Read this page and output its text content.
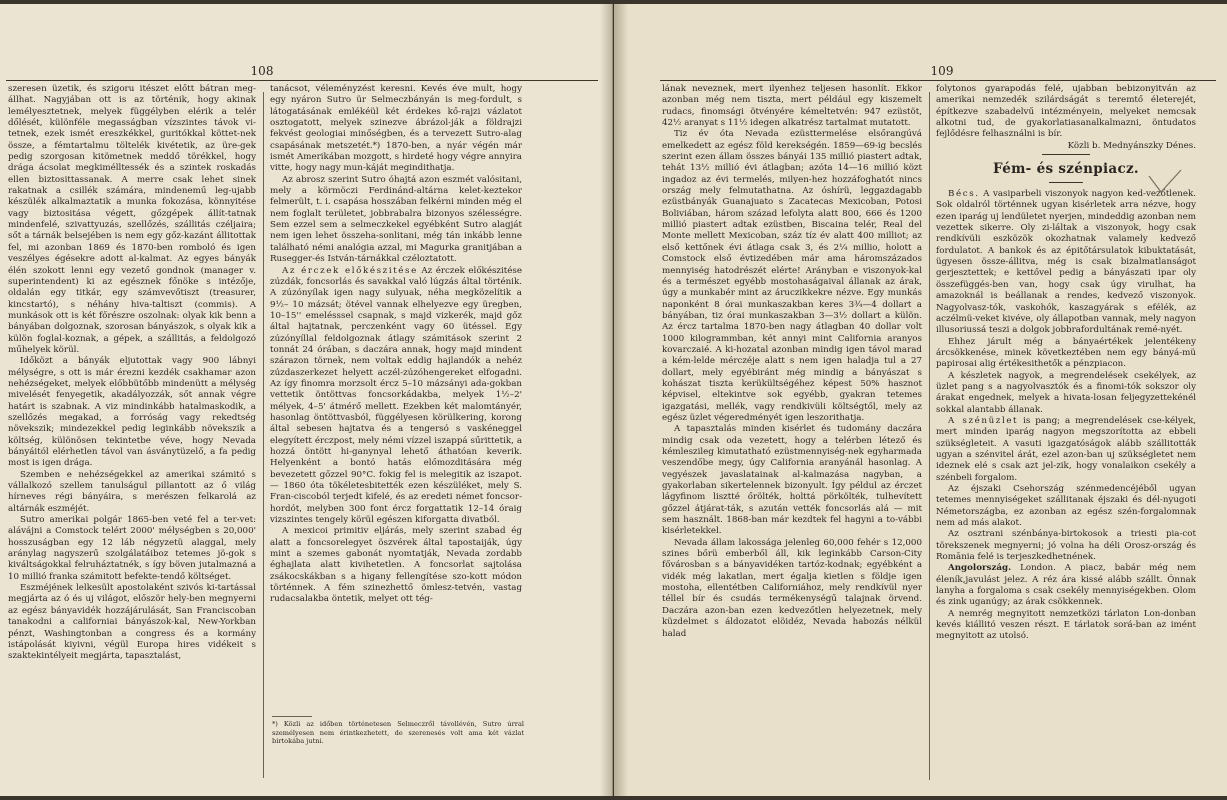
108

szeresen üzetik, és szigoru itészet előtt bátran meg-állhat. Nagyjában ott is az történik, hogy akinak lemélyesztetnek, melyek függélyben elérik a telér dőlését, különféle megasságban vízszintes távok vi-tetnek, ezek ismét ereszkékkel, guritókkal köttet-nek össze, a fémtartalmu töltelék kivétetik, az üre-gek pedig szorgosan kitömetnek meddő törékkel, hogy drága ácsolat megkimélltessék és a szintek roskadás ellen biztosittassanak. A merre csak lehet sinek rakatnak a csillék számára, mindenemű leg-ujabb készülék alkalmaztatik a munka fokozása, könnyitése vagy biztositása végett, gőzgépek állít-tatnak mindenfelé, szivattyuzás, szellőzés, szállitás czéljaira; sőt a tárnák belsejében is nem egy gőz-kazánt állitottak fel, mi azonban 1869 és 1870-ben romboló és igen veszélyes égésekre adott al-kalmat. Az egyes bányák élén szokott lenni egy vezető gondnok (manager v. superintendent) ki az egésznek főnöke s intézője, oldalán egy titkár, egy számvevőtiszt (treasurer, kincstartó), s néhány hiva-taltiszt (commis). A munkások ott is két főrészre oszolnak: olyak kik benn a bányában dolgoznak, szorosan bányászok, s olyak kik a külön foglal-koznak, a gépek, a szállitás, a feldolgozó műhelyek körül.

Időközt a bányák eljutottak vagy 900 lábnyi mélységre, s ott is már érezni kezdék csakhamar azon nehézségeket, melyek előbbütőbb mindenütt a mélység mivelését fenyegetik, akadályozzák, sőt annak végre határt is szabnak. A viz mindinkább hatalmaskodik, a szellőzés megakad, a forróság vagy rekedtség növekszik; mindezekkel pedig leginkább növekszik a költség, különösen tekintetbe véve, hogy Nevada bányáitól elérhetlen távol van ásványtüzelő, a fa pedig most is igen drága.

Szemben e nehézségekkel az amerikai számitó s vállalkozó szellem tanulságul pillantott az ő világ hírneves régi bányáira, s merészen felkarolá az altárnák eszméjét.

Sutro amerikai polgár 1865-ben veté fel a ter-vet: alávájni a Comstock telért 2000' mélységben s 20,000' hosszuságban egy 12 láb négyzetü alaggal, mely aránylag nagyszerű szolgálatáiboz tetemes jö-gok s kiváltságokkal felruháztatnék, s így böven jutalmazná a 10 millió franka számitott befekte-tendő költséget.

Eszméjének lelkesült apostolaként szivós ki-tartással megjárta az ó és uj világot, először hely-ben megnyerni az egész bányavidék hozzájárulását, San Franciscoban tanakodni a californiai bányászok-kal, New-Yorkban pénzt, Washingtonban a congress és a kormány istápolását kiyivni, végül Europa hires vidékeit s szaktekintélyeit megjárta, tapasztalást,

tanácsot, véleményzést keresni. Kevés éve mult, hogy egy nyáron Sutro ür Selmeczbányán is meg-fordult, s látogatásának emlékéül két érdekes kő-rajzi vázlatot osztogatott, melyek szinezve ábrázol-ják a földrajzi fekvést geologiai minőségben, és a tervezett Sutro-alag csapásának metszetét.*) 1870-ben, a nyár végén már ismét Amerikában mozgott, s hirdeté hogy végre annyira vitte, hogy nagy mun-káját megindithatja.

Az abrosz szerint Sutro óhajtá azon eszmét valósitani, mely a körmöczi Ferdinánd-altárna kelet-keztekor felmerült, t. i. csapása hosszában felkérni minden még el nem foglalt területet, jobbrabalra bizonyos szélességre. Sem ezzel sem a selmeczkekel egyébként Sutro alagját nem igen lehet összeha-sonlitani, még tán inkább lenne található némi analógia azzal, mi Magurka granitjában a Rusegger-és István-tárnákkal czéloztatott.

Az érczek előkészitése Az érczek előkészitése zúzdák, foncsorlás és savakkal való lúgzás által történik. A zúzónyílak igen nagy sulyuak, néha megközelítik a 9½– 10 mázsát; ötével vannak elhelyezve egy üregben, 10–15'' emelésssel csapnak, s majd vizkerék, majd gőz által hajtatnak, perczenként vagy 60 ütéssel. Egy zúzónyíllal feldolgoznak átlagy számitások szerint 2 tonnát 24 órában, s daczára annak, hogy majd mindent szárazon törnek, nem voltak eddig hajlandók a nehéz zúzdaszerkezet helyett aczél-zúzóhengereket elfogadni. Az így finomra morzsolt ércz 5–10 mázsányi ada-gokban vettetik öntöttvas foncsorkádakba, melyek 1½–2' mélyek, 4–5' átmérő mellett. Ezekben két malomtányér, hasonlag öntöttvasból, függélyesen körülkering, korong által sebesen hajtatva és a tengersó s vaskéneggel elegyített érczpost, mely némi vízzel iszappá sűrittetik, a hozzá öntött hi-ganynyal lehető áthatóan keverik. Helyenként a bontó hatás előmozditására még bevezetett gőzzel 90°C. fokig fel is melegitik az iszapot. — 1860 óta tökéletesbitették ezen készüléket, mely S. Fran-ciscoból terjedt kifelé, és az eredeti német foncsor-hordót, melyben 300 font ércz forgattatik 12–14 óraig vizszintes tengely körül egészen kiforgatta divatból.

A mexicoi primitiv eljárás, mely szerint szabad ég alatt a foncsorelegyet öszvérek által tapostaiják, úgy mint a szemes gabonát nyomtatják, Nevada zordabb éghajlata alatt kivihetetlen. A foncsorlat sajtolása zsákocskákban s a higany fellengítése szo-kott módon történnek. A fém szinezhettő ömlesz-tetvén, vastag rudacsalakba öntetik, melyet ott tég-

*) Közli az időben történetesen Selmeczről távollévén, Sutro úrral személyesen nem érintkezhetett, de szerenesés volt ama két vázlat birtokába jutni.
109

lának neveznek, mert ilyenhez teljesen hasonlít. Ekkor azonban még nem tiszta, mert például egy kiszemelt rudacs, finomsági ötvényére kémeltetvén: 947 ezüstöt, 42½ aranyat s 11½ idegen alkatrész tartalmat mutatott.

Tiz év óta Nevada ezüsttermelése elsőrangúvá emelkedett az egész föld kerekségén. 1859—69-ig becslés szerint ezen állam összes bányái 135 millió piastert adtak, tehát 13½ millió évi átlagban; azóta 14—16 millió közt ingadoz az évi termelés, milyen-hez hozzáfoghatót nincs ország mely felmutathatna. Az óshírü, leggazdagabb ezüstbányák Guanajuato s Zacatecas Mexicoban, Potosi Boliviában, három század lefolyta alatt 800, 666 és 1200 millió piastert adtak ezüstben, Biscaina telér, Real del Monte mellett Mexicoban, száz tíz év alatt 400 milliot; az első kettőnek évi átlaga csak 3, és 2¼ millio, holott a Comstock első évtizedében már ama háromszázados mennyiség hatodrészét elérte! Arányban e viszonyok-kal és a természet egyébb mostohaságaival állanak az árak, úgy a munkabér mint az áruczikkekre nézve. Egy munkás naponként 8 órai munkaszakban keres 3¾—4 dollart a bányában, tiz órai munkaszakban 3—3½ dollart a külön. Az ércz tartalma 1870-ben nagy átlagban 40 dollar volt 1000 kilogrammban, két annyi mint California aranyos kovarczaié. A ki-hozatal azonban mindig igen távol marad a kém-lelde mérczéje alatt s nem igen haladja tul a 27 dollart, mely egyébiránt még mindig a bányászat s kohászat tiszta kerükültségéhez képest 50% hasznot képvisel, eltekintve sok egyébb, gyakran tetemes igazgatási, mellék, vagy rendkivüli költségtől, mely az egész üzlet végeredményét igen leszorithatja.

A tapasztalás minden kisérlet és tudomány daczára mindig csak oda vezetett, hogy a telérben létező és kémleszileg kimutatható ezüstmennyiség-nek egyharmada veszendőbe megy, úgy California aranyánál hasonlag. A vegyészek javaslatainak al-kalmazása nagyban, a gyakorlaban sikertelennek bizonyult. Így példul az érczet lágyfinom lisztté őrölték, holttá pörkölték, tulhevített gőzzel átjárat-ták, s azután vették foncsorlás alá — mit sem használt. 1868-ban már kezdtek fel hagyni a to-vábbi kisérletekkel.

Nevada állam lakossága jelenleg 60,000 fehér s 12,000 szines bőrü emberből áll, kik leginkább Carson-City fővárosban s a bányavidéken tartóz-kodnak; egyébként a vidék még lakatlan, mert égalja kietlen s földje igen mostoha, ellentétben Californiához, mely rendkívül nyer téllel bír és csudás termékenységű talajnak örvend. Daczára azon-ban ezen kedvezőtlen helyezetnek, mely küzdelmet s áldozatot elöidéz, Nevada habozás nélkül halad

folytonos gyarapodás felé, ujabban bebizonyitván az amerikai nemzedék szilárdságát s teremtő életerejét, építkezve szabadelvű intézményein, melyeket nemcsak alkotni tud, de gyakorlatiasanalkalmazni, öntudatos fejlődésre felhasználni is bír.

Közli b. Mednyánszky Dénes.

Fém- és szénpiacz.

Bécs. A vasiparbeli viszonyok nagyon ked-vezőtlenek. Sok oldalról történnek ugyan kisérletek arra nézve, hogy ezen iparág uj lendületet nyerjen, mindeddig azonban nem vezettek sikerre. Oly zi-láltak a viszonyok, hogy csak rendkívüli eszközök okozhatnak valamely kedvező fordulatot. A bankok és az épitőtársulatok kibuktatását, ügyesen össze-állitva, még is csak bizalmatlanságot gerjesztettek; e kettővel pedig a bányászati ipar oly összefüggés-ben van, hogy csak úgy virulhat, ha amazoknál is beállanak a rendes, kedvező viszonyok. Nagyolvasz-tók, vaskohók, kaszagyárak s efélék, az aczélmü-veket kivéve, oly állapotban vannak, mely nagyon illusoriussá teszi a dolgok jobbrafordultának remé-nyét.

Ehhez járult még a bányaértékek jelentékeny árcsökkenése, minek következtében nem egy bányá-mü papirosai alig értékesithetők a pénzpiacon.

A készletek nagyok, a megrendelések csekélyek, az üzlet pang s a nagyolvasztók és a finomi-tók sokszor oly árakat engednek, melyek a hivata-losan feljegyzettekénél sokkal alantabb állanak.

A szénüzlet is pang; a megrendelések cse-kélyek, mert minden iparág nagyon megszorította az ebbeli szükségleteit. A vasuti igazgatóságok alább szállitották ugyan a szénvitel árát, ezel azon-ban uj szükségletet nem ideznek elé s csak azt jel-zik, hogy vonalaikon csekély a szénbeli forgalom.

Az éjszaki Csehország szénmedencéjéből ugyan tetemes mennyiségeket szállitanak éjszaki és dél-nyugoti Németországba, ez azonban az egész szén-forgalomnak nem ad más alakot.

Az osztrani szénbánya-birtokosok a triesti pia-cot törekszenek megnyerni; jó volna ha déli Orosz-ország és Romānia felé is terjeszkedhetnének.

Angolország. London. A piacz, babár még nem éleník,javulást jelez. A réz ára kissé alább szállt. Ónnak lanyha a forgaloma s csak csekély mennyiségekben. Olom és zink uganúgy; az árak csökkennek.

A nemrég megnyitott nemzetközi tárlaton Lon-donban kevés kiállitó veszen részt. E tárlatok sorá-ban az imént megnyitott az utolsó.
